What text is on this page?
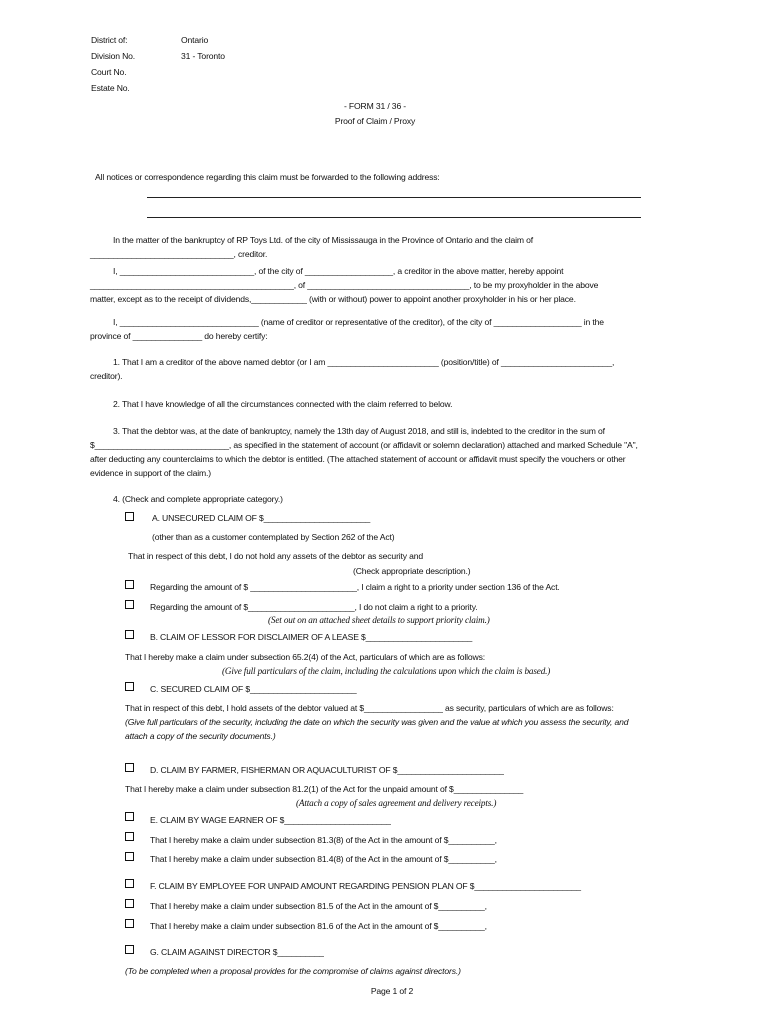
District of:	Ontario
Division No.	31 - Toronto
Court No.
Estate No.
- FORM 31 / 36 -
Proof of Claim / Proxy
All notices or correspondence regarding this claim must be forwarded to the following address:
In the matter of the bankruptcy of RP Toys Ltd. of the city of Mississauga in the Province of Ontario and the claim of
_______________________________, creditor.
I, _____________________________, of the city of ___________________, a creditor in the above matter, hereby appoint
____________________________________________, of ___________________________________, to be my proxyholder in the above
matter, except as to the receipt of dividends,____________ (with or without) power to appoint another proxyholder in his or her place.
I, ______________________________ (name of creditor or representative of the creditor), of the city of ___________________ in the
province of _______________ do hereby certify:
1. That I am a creditor of the above named debtor (or I am ________________________ (position/title) of ________________________,
creditor).
2. That I have knowledge of all the circumstances connected with the claim referred to below.
3. That the debtor was, at the date of bankruptcy, namely the 13th day of August 2018, and still is, indebted to the creditor in the sum of
$_____________________________, as specified in the statement of account (or affidavit or solemn declaration) attached and marked Schedule "A",
after deducting any counterclaims to which the debtor is entitled. (The attached statement of account or affidavit must specify the vouchers or other
evidence in support of the claim.)
4. (Check and complete appropriate category.)
A. UNSECURED CLAIM OF $_______________________
(other than as a customer contemplated by Section 262 of the Act)
That in respect of this debt, I do not hold any assets of the debtor as security and
(Check appropriate description.)
Regarding the amount of $ _______________________, I claim a right to a priority under section 136 of the Act.
Regarding the amount of $_______________________, I do not claim a right to a priority.
(Set out on an attached sheet details to support priority claim.)
B. CLAIM OF LESSOR FOR DISCLAIMER OF A LEASE $_______________________
That I hereby make a claim under subsection 65.2(4) of the Act, particulars of which are as follows:
(Give full particulars of the claim, including the calculations upon which the claim is based.)
C. SECURED CLAIM OF $_______________________
That in respect of this debt, I hold assets of the debtor valued at $_________________ as security, particulars of which are as follows:
(Give full particulars of the security, including the date on which the security was given and the value at which you assess the security, and
attach a copy of the security documents.)
D. CLAIM BY FARMER, FISHERMAN OR AQUACULTURIST OF $_______________________
That I hereby make a claim under subsection 81.2(1) of the Act for the unpaid amount of $_______________
(Attach a copy of sales agreement and delivery receipts.)
E. CLAIM BY WAGE EARNER OF $_______________________
That I hereby make a claim under subsection 81.3(8) of the Act in the amount of $__________,
That I hereby make a claim under subsection 81.4(8) of the Act in the amount of $__________,
F. CLAIM BY EMPLOYEE FOR UNPAID AMOUNT REGARDING PENSION PLAN OF $_______________________
That I hereby make a claim under subsection 81.5 of the Act in the amount of $__________,
That I hereby make a claim under subsection 81.6 of the Act in the amount of $__________,
G. CLAIM AGAINST DIRECTOR $__________
(To be completed when a proposal provides for the compromise of claims against directors.)
Page 1 of 2
